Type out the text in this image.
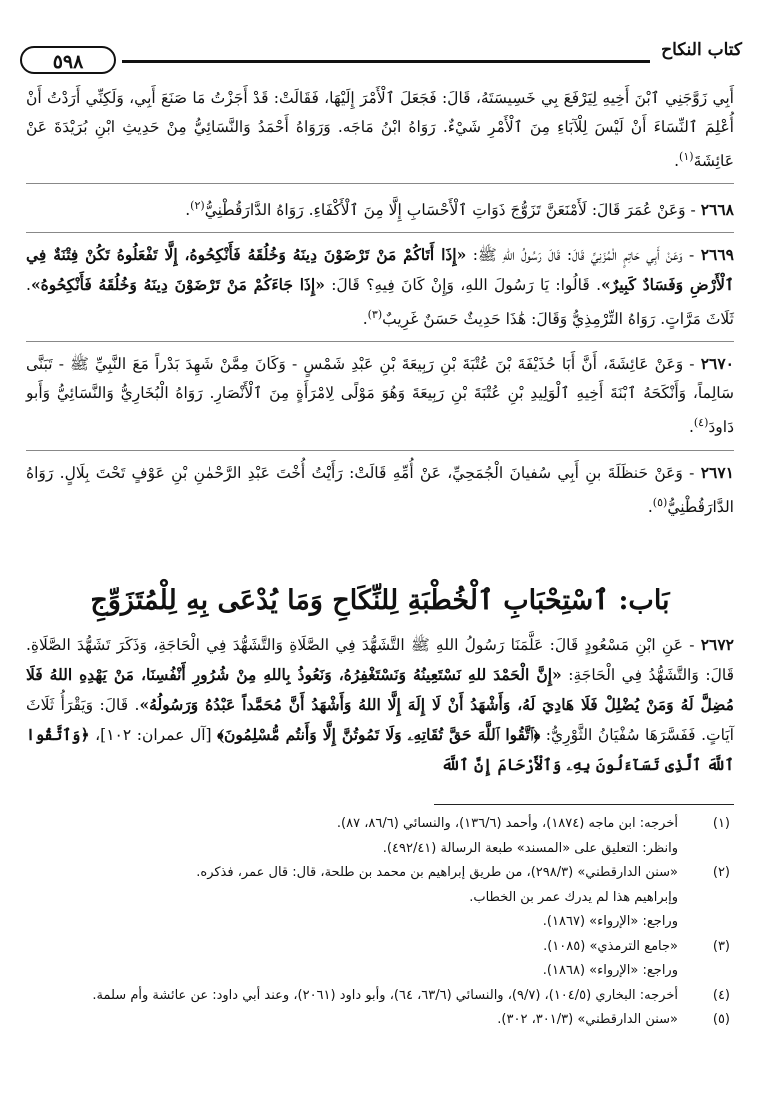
كتاب النكاح
٥٩٨

أَبِي زَوَّجَنِي ٱبْنَ أَخِيهِ لِيَرْفَعَ بِي خَسِيسَتَهُ، قَالَ: فَجَعَلَ ٱلْأَمْرَ إِلَيْهَا، فَقَالَتْ: قَدْ أَجَزْتُ مَا صَنَعَ أَبِي، وَلَكِنِّي أَرَدْتُ أَنْ أُعْلِمَ ٱلنِّسَاءَ أَنْ لَيْسَ لِلْآبَاءِ مِنَ ٱلْأَمْرِ شَيْءٌ. رَوَاهُ ابْنُ مَاجَه. وَرَوَاهُ أَحْمَدُ وَالنَّسَائِيُّ مِنْ حَدِيثِ ابْنِ بُرَيْدَةَ عَنْ عَائِشَةَ$^{(١)}$.

٢٦٦٨ - وَعَنْ عُمَرَ قَالَ: لَأَمْنَعَنَّ تَزَوُّجَ ذَوَاتِ ٱلْأَحْسَابِ إِلَّا مِنَ ٱلْأَكْفَاءِ. رَوَاهُ الدَّارَقُطْنِيُّ$^{(٢)}$.

٢٦٦٩ - وَعَنْ أَبِي حَاتِمٍ الْمُزَنِيِّ قَالَ: قَالَ رَسُولُ اللهِ ﷺ: «إِذَا أَتَاكُمْ مَنْ تَرْضَوْنَ دِينَهُ وَخُلُقَهُ فَأَنْكِحُوهُ، إِلَّا تَفْعَلُوهُ تَكُنْ فِتْنَةٌ فِي ٱلْأَرْضِ وَفَسَادٌ كَبِيرٌ». قَالُوا: يَا رَسُولَ اللهِ، وَإِنْ كَانَ فِيهِ؟ قَالَ: «إِذَا جَاءَكُمْ مَنْ تَرْضَوْنَ دِينَهُ وَخُلُقَهُ فَأَنْكِحُوهُ». ثَلَاثَ مَرَّاتٍ. رَوَاهُ التِّرْمِذِيُّ وَقَالَ: هَٰذَا حَدِيثٌ حَسَنٌ غَرِيبٌ$^{(٣)}$.

٢٦٧٠ - وَعَنْ عَائِشَةَ، أَنَّ أَبَا حُذَيْفَةَ بْنَ عُتْبَةَ بْنِ رَبِيعَةَ بْنِ عَبْدِ شَمْسٍ - وَكَانَ مِمَّنْ شَهِدَ بَدْراً مَعَ النَّبِيِّ ﷺ - تَبَنَّى سَالِماً، وَأَنْكَحَهُ ٱبْنَةَ أَخِيهِ ٱلْوَلِيدِ بْنِ عُتْبَةَ بْنِ رَبِيعَةَ وَهُوَ مَوْلًى لِامْرَأَةٍ مِنَ ٱلْأَنْصَارِ. رَوَاهُ الْبُخَارِيُّ وَالنَّسَائِيُّ وَأَبو دَاودَ$^{(٤)}$.

٢٦٧١ - وَعَنْ حَنظَلَةَ بنِ أَبِي سُفيانَ الْجُمَحِيِّ، عَنْ أُمِّهِ قَالَتْ: رَأَيْتُ أُخْتَ عَبْدِ الرَّحْمٰنِ بْنِ عَوْفٍ تَحْتَ بِلَالٍ. رَوَاهُ الدَّارَقُطْنِيُّ$^{(٥)}$.

بَاب: ٱسْتِحْبَابِ ٱلْخُطْبَةِ لِلنِّكَاحِ وَمَا يُدْعَى بِهِ لِلْمُتَزَوِّجِ
٢٦٧٢ - عَنِ ابْنِ مَسْعُودٍ قَالَ: عَلَّمَنَا رَسُولُ اللهِ ﷺ التَّشَهُّدَ فِي الصَّلَاةِ وَالتَّشَهُّدَ فِي الْحَاجَةِ، وَذَكَرَ تَشَهُّدَ الصَّلَاةِ. قَالَ: وَالتَّشَهُّدُ فِي الْحَاجَةِ: «إِنَّ الْحَمْدَ للهِ نَسْتَعِينُهُ وَنَسْتَغْفِرُهُ، وَنَعُوذُ بِاللهِ مِنْ شُرُورِ أَنْفُسِنَا، مَنْ يَهْدِهِ اللهُ فَلَا مُضِلَّ لَهُ وَمَنْ يُضْلِلْ فَلَا هَادِيَ لَهُ، وَأَشْهَدُ أَنْ لَا إِلَهَ إِلَّا اللهُ وَأَشْهَدُ أَنَّ مُحَمَّداً عَبْدُهُ وَرَسُولُهُ». قَالَ: وَيَقْرَأُ ثَلَاثَ آيَاتٍ. فَفَسَّرَهَا سُفْيَانُ الثَّوْرِيُّ: ﴿ٱتَّقُوا ٱللَّهَ حَقَّ تُقَاتِهِۦ وَلَا تَمُوتُنَّ إِلَّا وَأَنتُم مُّسْلِمُونَ﴾ [آل عمران: ١٠٢]، ﴿وَٱتَّقُوا ٱللَّهَ ٱلَّذِى تَسَآءَلُونَ بِهِۦ وَٱلْأَرْحَامَ إِنَّ ٱللَّهَ
(١)
أخرجه: ابن ماجه (١٨٧٤)، وأحمد (١٣٦/٦)، والنسائي (٨٦/٦، ٨٧).
وانظر: التعليق على «المسند» طبعة الرسالة (٤٩٢/٤١).
(٢)
«سنن الدارقطني» (٢٩٨/٣)، من طريق إبراهيم بن محمد بن طلحة، قال: قال عمر، فذكره.
وإبراهيم هذا لم يدرك عمر بن الخطاب.
وراجع: «الإرواء» (١٨٦٧).
(٣)
«جامع الترمذي» (١٠٨٥).
وراجع: «الإرواء» (١٨٦٨).
(٤)
أخرجه: البخاري (١٠٤/٥)، (٩/٧)، والنسائي (٦٣/٦، ٦٤)، وأبو داود (٢٠٦١)، وعند أبي داود: عن عائشة وأم سلمة.
(٥)
«سنن الدارقطني» (٣٠١/٣، ٣٠٢).
